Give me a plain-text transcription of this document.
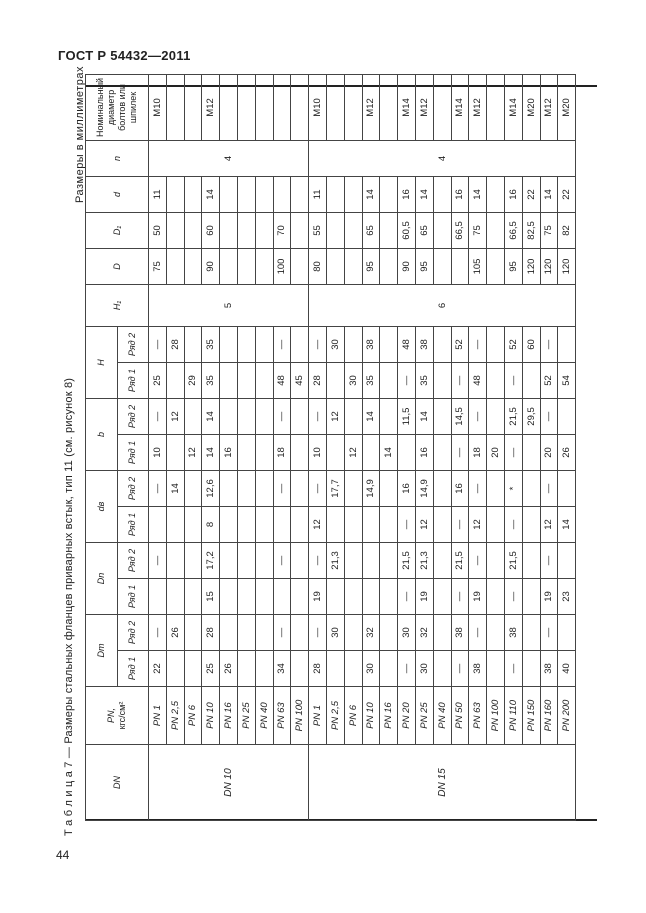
ГОСТ Р 54432—2011
Т а б л и ц а 7 — Размеры стальных фланцев приварных встык, тип 11 (см. рисунок 8)
Размеры в миллиметрах
44
DN	PN,
кгс/см²	Dm		Dn		dв		b		H		H₁	D	D₁	d	n	Номинальный диаметр болтов или шпилек
		Ряд 1	Ряд 2	Ряд 1	Ряд 2	Ряд 1	Ряд 2	Ряд 1	Ряд 2	Ряд 1	Ряд 2						
DN 10	PN 1	22	—		—		—	10	—	25	—	5	75	50	11	4	M10
	PN 2,5		26				14		12		28						
	PN 6							12		29							
	PN 10	25	28	15	17,2	8	12,6	14	14	35	35		90	60	14		M12
	PN 16	26						16									
	PN 25																
	PN 40																
	PN 63	34	—		—		—	18	—	48	—		100	70			
	PN 100									45							
DN 15	PN 1	28	—	19	—	12	—	10	—	28	—	6	80	55	11	4	M10
	PN 2,5		30		21,3		17,7		12		30						
	PN 6							12		30							
	PN 10	30	32				14,9		14	35	38		95	65	14		M12
	PN 16							14									
	PN 20	—	30	—	21,5	—	16		11,5	—	48		90	60,5	16		M14
	PN 25	30	32	19	21,3	12	14,9	16	14	35	38		95	65	14		M12
	PN 40																
	PN 50	—	38	—	21,5	—	16	—	14,5	—	52			66,5	16		M14
	PN 63	38	—	19	—	12	—	18	—	48	—		105	75	14		M12
	PN 100							20									
	PN 110	—	38	—	21,5	—	*	—	21,5	—	52		95	66,5	16		M14
	PN 150								29,5		60		120	82,5	22		M20
	PN 160	38	—	19	—	12	—	20	—	52	—		120	75	14		M12
	PN 200	40		23		14		26		54			120	82	22		M20
